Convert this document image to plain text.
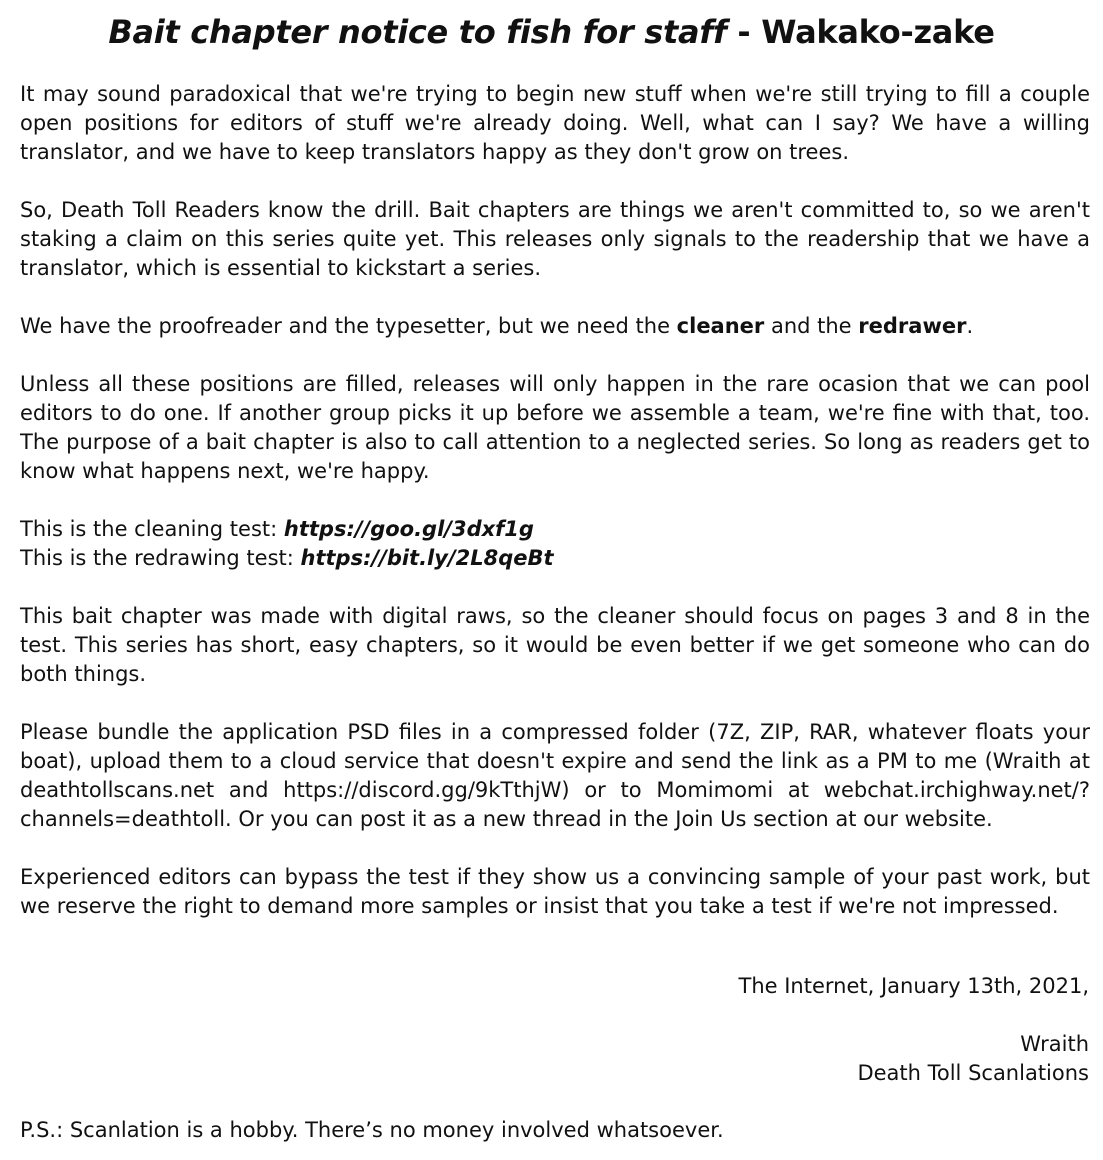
Bait chapter notice to fish for staff - Wakako-zake

It may sound paradoxical that we're trying to begin new stuff when we're still trying to fill a couple open positions for editors of stuff we're already doing. Well, what can I say? We have a willing translator, and we have to keep translators happy as they don't grow on trees.

So, Death Toll Readers know the drill. Bait chapters are things we aren't committed to, so we aren't staking a claim on this series quite yet. This releases only signals to the readership that we have a translator, which is essential to kickstart a series.

We have the proofreader and the typesetter, but we need the cleaner and the redrawer.

Unless all these positions are filled, releases will only happen in the rare ocasion that we can pool editors to do one. If another group picks it up before we assemble a team, we're fine with that, too. The purpose of a bait chapter is also to call attention to a neglected series. So long as readers get to know what happens next, we're happy.

This is the cleaning test: https://goo.gl/3dxf1g

This is the redrawing test: https://bit.ly/2L8qeBt

This bait chapter was made with digital raws, so the cleaner should focus on pages 3 and 8 in the test. This series has short, easy chapters, so it would be even better if we get someone who can do both things.

Please bundle the application PSD files in a compressed folder (7Z, ZIP, RAR, whatever floats your boat), upload them to a cloud service that doesn't expire and send the link as a PM to me (Wraith at deathtollscans.net and https://discord.gg/9kTthjW) or to Momimomi at webchat.irchighway.net/?channels=deathtoll. Or you can post it as a new thread in the Join Us section at our website.

Experienced editors can bypass the test if they show us a convincing sample of your past work, but we reserve the right to demand more samples or insist that you take a test if we're not impressed.

The Internet, January 13th, 2021,
Wraith
Death Toll Scanlations
P.S.: Scanlation is a hobby. There’s no money involved whatsoever.
